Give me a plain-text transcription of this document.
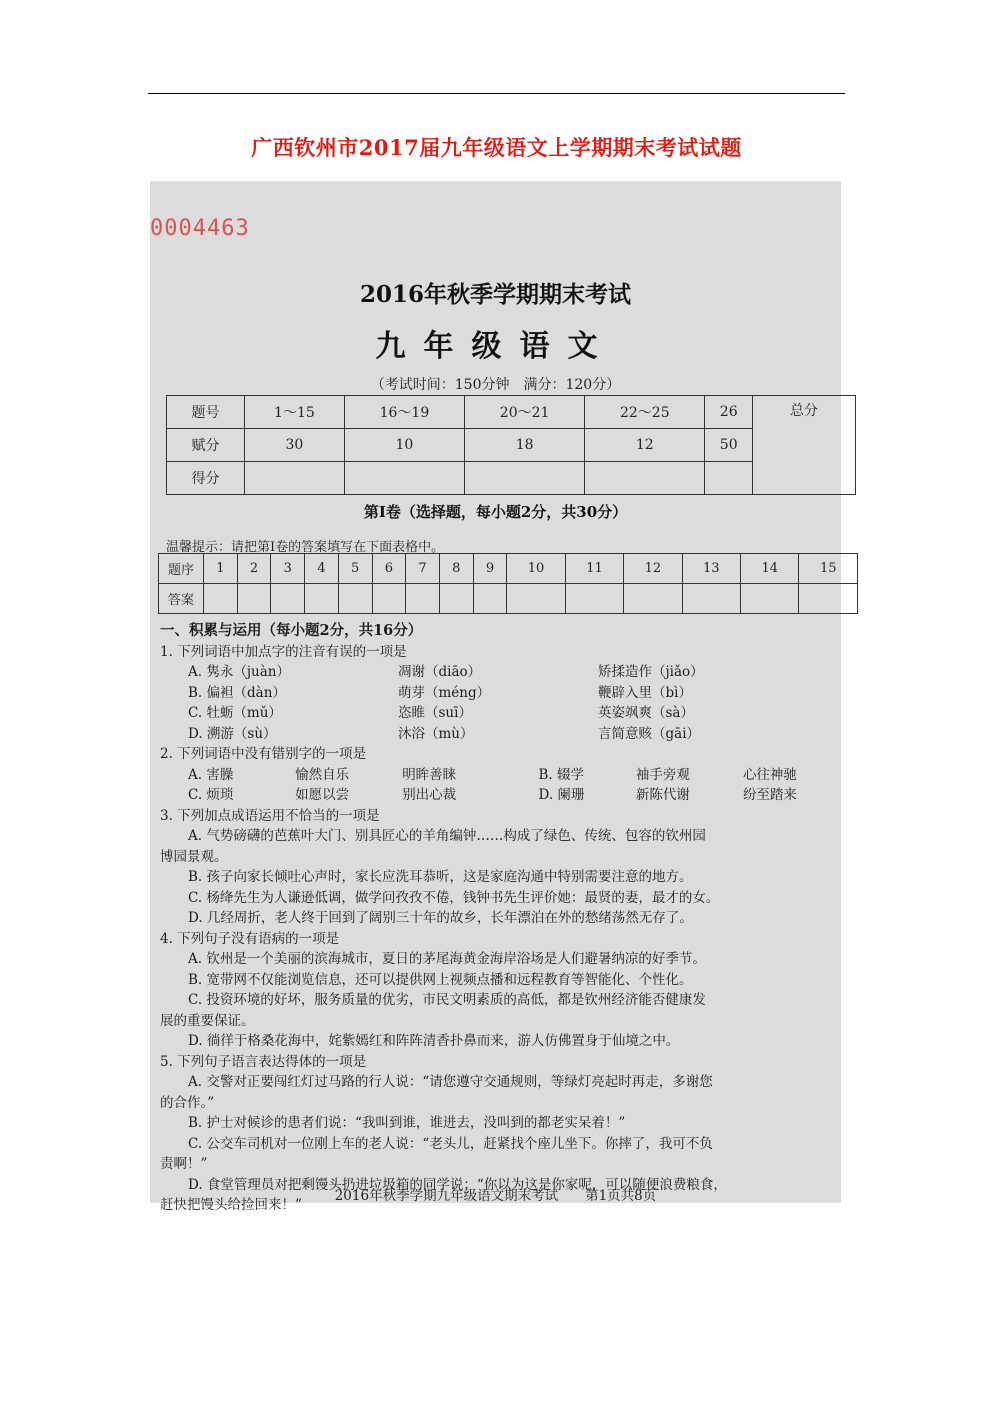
广西钦州市2017届九年级语文上学期期末考试试题
0004463
2016年秋季学期期末考试
九年级语文
（考试时间：150分钟　满分：120分）
题号	1～15	16～19	20～21	22～25	26	总分
赋分	30	10	18	12	50	
得分						
第Ⅰ卷（选择题，每小题2分，共30分）
温馨提示：请把第Ⅰ卷的答案填写在下面表格中。
题序	1	2	3	4	5	6	7	8	9	10	11	12	13	14	15
答案															
一、积累与运用（每小题2分，共16分）
1. 下列词语中加点字的注音有误的一项是
A. 隽永（juàn）	凋谢（diāo）	矫揉造作（jiǎo）
B. 偏袒（dàn）	萌芽（méng）	鞭辟入里（bì）
C. 牡蛎（mǔ）	恣睢（suī）	英姿飒爽（sà）
D. 溯游（sù）	沐浴（mù）	言简意赅（gāi）
2. 下列词语中没有错别字的一项是
A. 害臊	愉然自乐	明眸善睐	B. 辍学	袖手旁观	心往神驰
C. 烦琐	如愿以尝	别出心裁	D. 阑珊	新陈代谢	纷至踏来
3. 下列加点成语运用不恰当的一项是
A. 气势磅礴的芭蕉叶大门、别具匠心的羊角编钟……构成了绿色、传统、包容的钦州园
博园景观。
B. 孩子向家长倾吐心声时，家长应洗耳恭听，这是家庭沟通中特别需要注意的地方。
C. 杨绛先生为人谦逊低调，做学问孜孜不倦，钱钟书先生评价她：最贤的妻，最才的女。
D. 几经周折，老人终于回到了阔别三十年的故乡，长年漂泊在外的愁绪荡然无存了。
4. 下列句子没有语病的一项是
A. 钦州是一个美丽的滨海城市，夏日的茅尾海黄金海岸浴场是人们避暑纳凉的好季节。
B. 宽带网不仅能浏览信息，还可以提供网上视频点播和远程教育等智能化、个性化。
C. 投资环境的好坏，服务质量的优劣，市民文明素质的高低，都是钦州经济能否健康发
展的重要保证。
D. 徜徉于格桑花海中，姹紫嫣红和阵阵清香扑鼻而来，游人仿佛置身于仙境之中。
5. 下列句子语言表达得体的一项是
A. 交警对正要闯红灯过马路的行人说：“请您遵守交通规则，等绿灯亮起时再走，多谢您
的合作。”
B. 护士对候诊的患者们说：“我叫到谁，谁进去，没叫到的都老实呆着！”
C. 公交车司机对一位刚上车的老人说：“老头儿，赶紧找个座儿坐下。你摔了，我可不负
责啊！”
D. 食堂管理员对把剩馒头扔进垃圾箱的同学说：“你以为这是你家呢，可以随便浪费粮食，
赶快把馒头给捡回来！”
2016年秋季学期九年级语文期末考试　　第1页共8页
